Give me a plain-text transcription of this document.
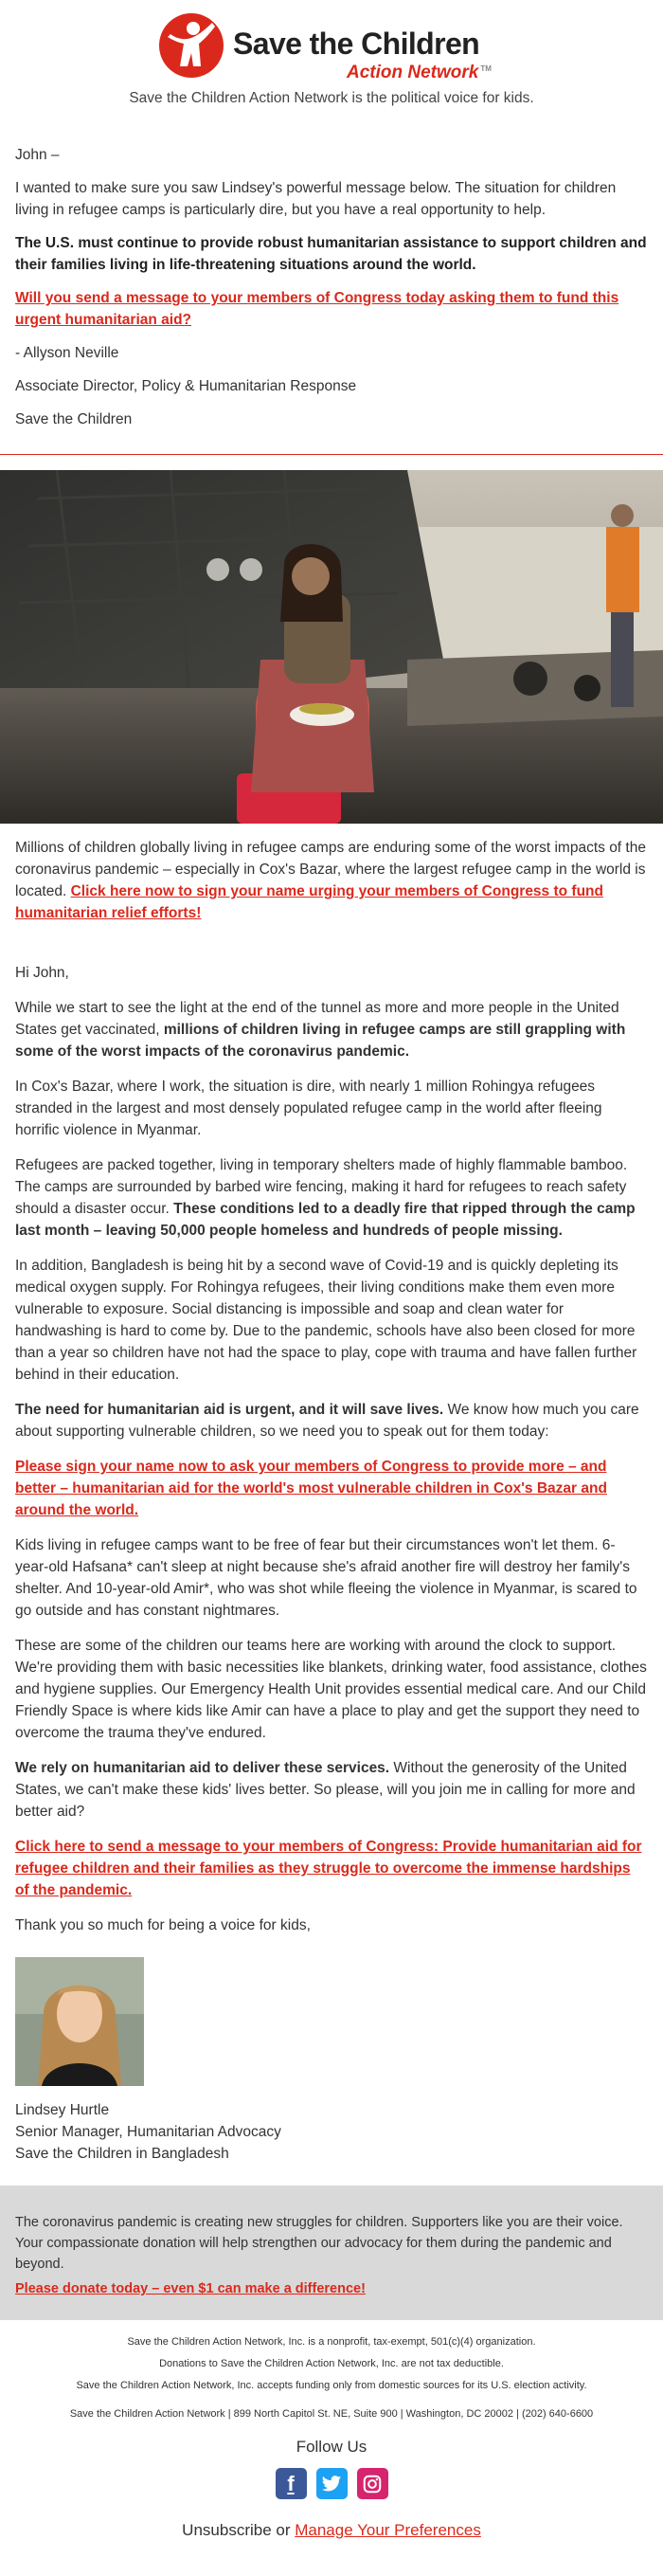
Save the Children
Action Network ™
Save the Children Action Network is the political voice for kids.

John –

I wanted to make sure you saw Lindsey's powerful message below. The situation for children living in refugee camps is particularly dire, but you have a real opportunity to help.

The U.S. must continue to provide robust humanitarian assistance to support children and their families living in life-threatening situations around the world.

Will you send a message to your members of Congress today asking them to fund this urgent humanitarian aid?

- Allyson Neville

Associate Director, Policy & Humanitarian Response

Save the Children

Millions of children globally living in refugee camps are enduring some of the worst impacts of the coronavirus pandemic – especially in Cox's Bazar, where the largest refugee camp in the world is located. Click here now to sign your name urging your members of Congress to fund humanitarian relief efforts!

Hi John,

While we start to see the light at the end of the tunnel as more and more people in the United States get vaccinated, millions of children living in refugee camps are still grappling with some of the worst impacts of the coronavirus pandemic.

In Cox's Bazar, where I work, the situation is dire, with nearly 1 million Rohingya refugees stranded in the largest and most densely populated refugee camp in the world after fleeing horrific violence in Myanmar.

Refugees are packed together, living in temporary shelters made of highly flammable bamboo. The camps are surrounded by barbed wire fencing, making it hard for refugees to reach safety should a disaster occur. These conditions led to a deadly fire that ripped through the camp last month – leaving 50,000 people homeless and hundreds of people missing.

In addition, Bangladesh is being hit by a second wave of Covid-19 and is quickly depleting its medical oxygen supply. For Rohingya refugees, their living conditions make them even more vulnerable to exposure. Social distancing is impossible and soap and clean water for handwashing is hard to come by. Due to the pandemic, schools have also been closed for more than a year so children have not had the space to play, cope with trauma and have fallen further behind in their education.

The need for humanitarian aid is urgent, and it will save lives. We know how much you care about supporting vulnerable children, so we need you to speak out for them today:

Please sign your name now to ask your members of Congress to provide more – and better – humanitarian aid for the world's most vulnerable children in Cox's Bazar and around the world.

Kids living in refugee camps want to be free of fear but their circumstances won't let them. 6-year-old Hafsana* can't sleep at night because she's afraid another fire will destroy her family's shelter. And 10-year-old Amir*, who was shot while fleeing the violence in Myanmar, is scared to go outside and has constant nightmares.

These are some of the children our teams here are working with around the clock to support. We're providing them with basic necessities like blankets, drinking water, food assistance, clothes and hygiene supplies. Our Emergency Health Unit provides essential medical care. And our Child Friendly Space is where kids like Amir can have a place to play and get the support they need to overcome the trauma they've endured.

We rely on humanitarian aid to deliver these services. Without the generosity of the United States, we can't make these kids' lives better. So please, will you join me in calling for more and better aid?

Click here to send a message to your members of Congress: Provide humanitarian aid for refugee children and their families as they struggle to overcome the immense hardships of the pandemic.

Thank you so much for being a voice for kids,

Lindsey Hurtle

Senior Manager, Humanitarian Advocacy

Save the Children in Bangladesh

The coronavirus pandemic is creating new struggles for children. Supporters like you are their voice. Your compassionate donation will help strengthen our advocacy for them during the pandemic and beyond.

Please donate today – even $1 can make a difference!

Save the Children Action Network, Inc. is a nonprofit, tax-exempt, 501(c)(4) organization.

Donations to Save the Children Action Network, Inc. are not tax deductible.

Save the Children Action Network, Inc. accepts funding only from domestic sources for its U.S. election activity.

Save the Children Action Network | 899 North Capitol St. NE, Suite 900 | Washington, DC 20002 | (202) 640-6600

Follow Us
f
Unsubscribe or Manage Your Preferences
